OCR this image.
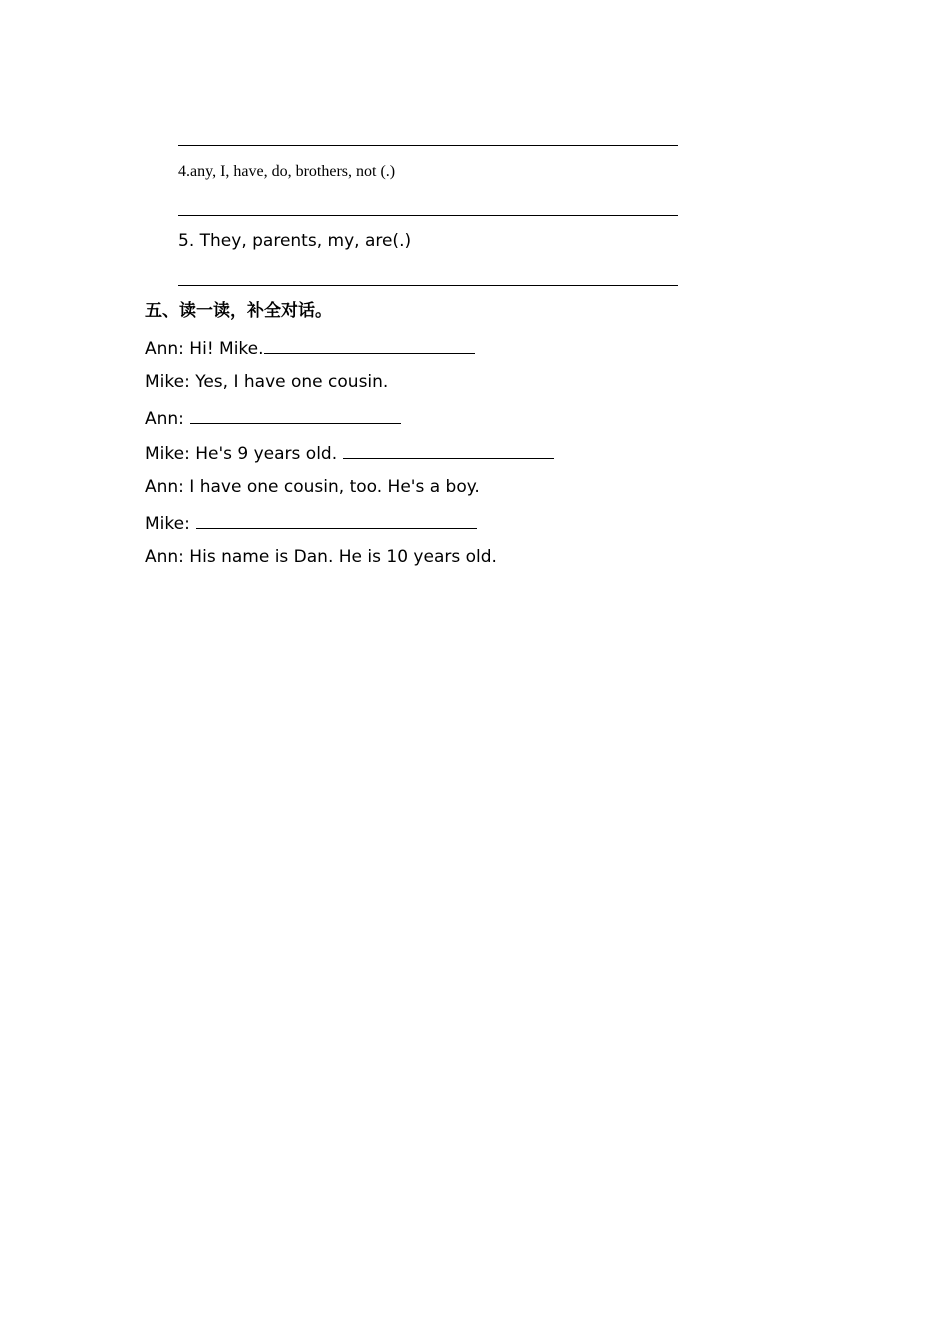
4.any, I, have, do, brothers, not (.)
5. They, parents, my, are(.)
五、读一读，补全对话。
Ann: Hi! Mike.
Mike: Yes, I have one cousin.
Ann:
Mike: He's 9 years old.
Ann: I have one cousin, too. He's a boy.
Mike:
Ann: His name is Dan. He is 10 years old.
